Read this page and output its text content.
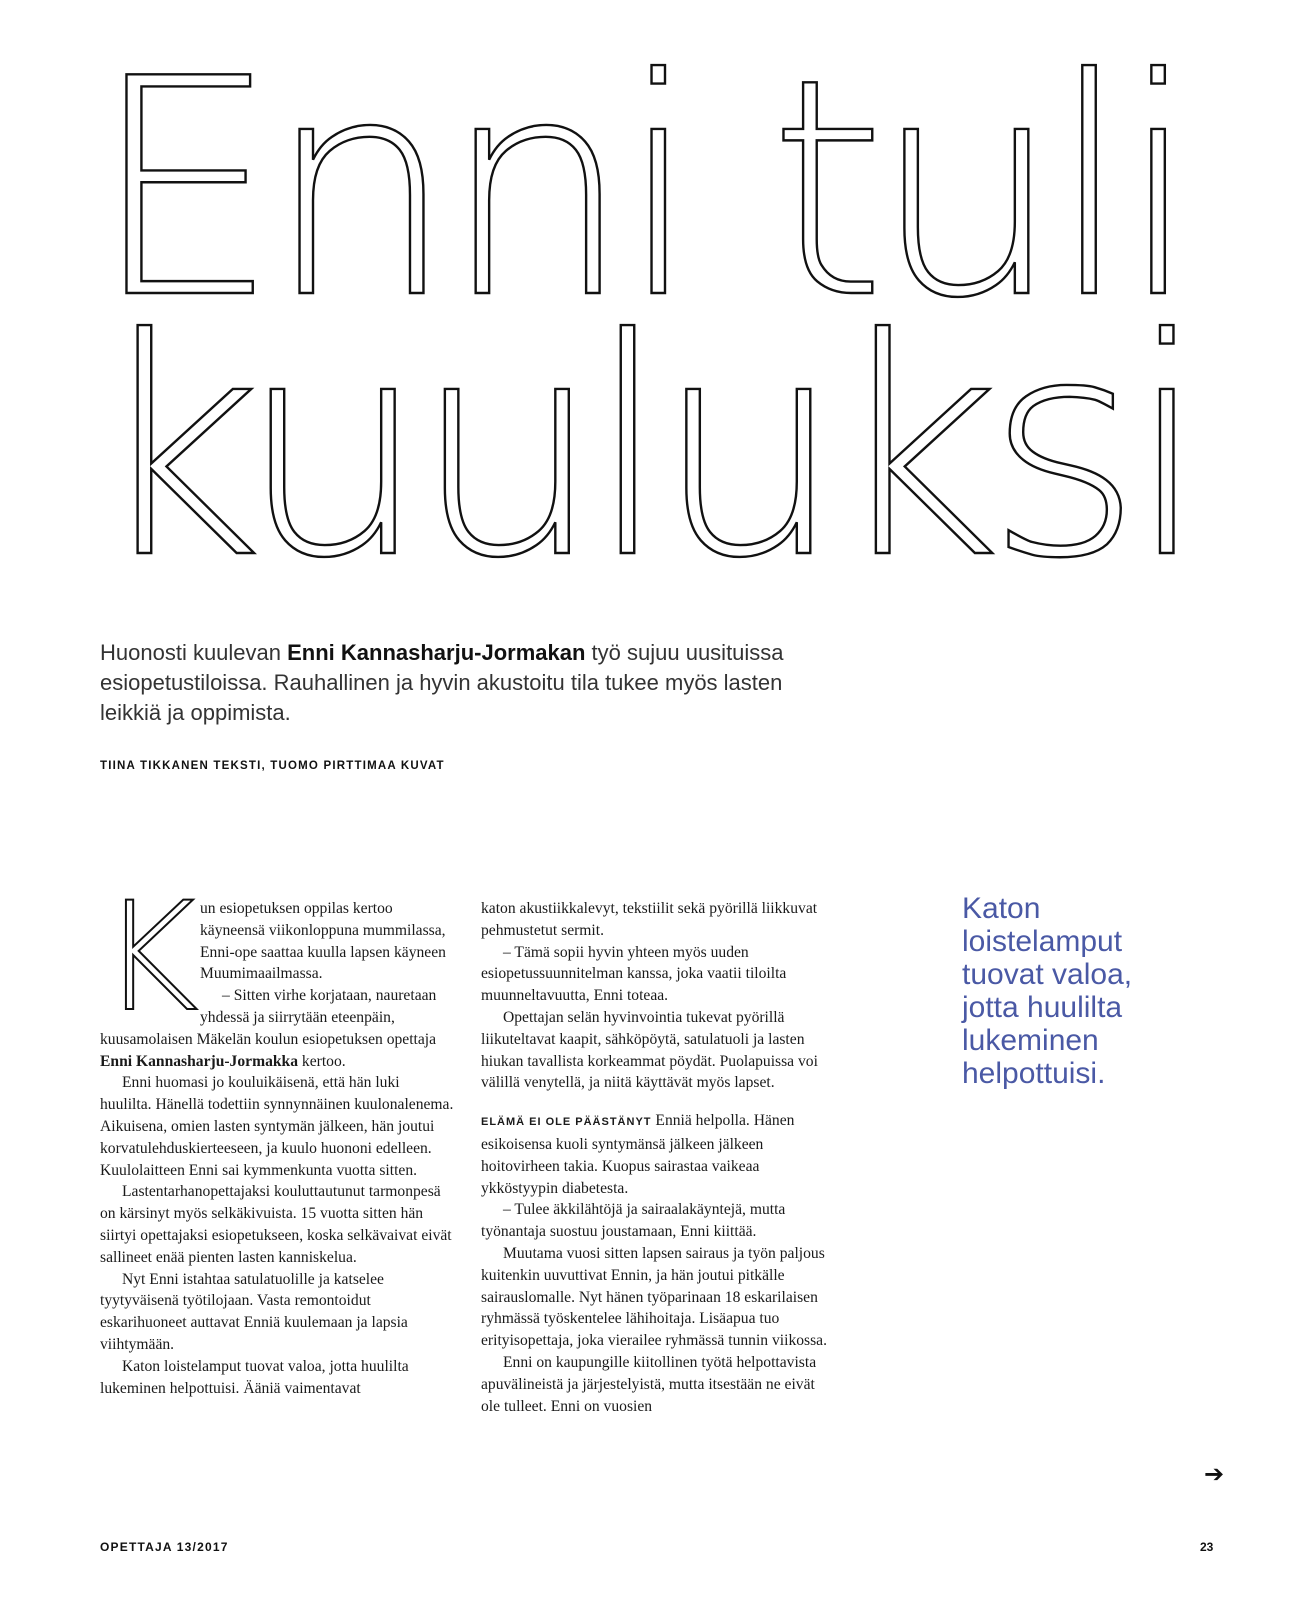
Enni tuli
kuuluksi

Huonosti kuulevan Enni Kannasharju-Jormakan työ sujuu uusituissa esiopetustiloissa. Rauhallinen ja hyvin akustoitu tila tukee myös lasten leikkiä ja oppimista.

TIINA TIKKANEN TEKSTI, TUOMO PIRTTIMAA KUVAT
K un esiopetuksen oppilas kertoo käyneensä viikonloppuna mummilassa, Enni-ope saattaa kuulla lapsen käyneen Muumimaailmassa.

– Sitten virhe korjataan, nauretaan yhdessä ja siirrytään eteenpäin, kuusamolaisen Mäkelän koulun esiopetuksen opettaja Enni Kannasharju-Jormakka kertoo.

Enni huomasi jo kouluikäisenä, että hän luki huulilta. Hänellä todettiin synnynnäinen kuulonalenema. Aikuisena, omien lasten syntymän jälkeen, hän joutui korvatulehduskierteeseen, ja kuulo huononi edelleen. Kuulolaitteen Enni sai kymmenkunta vuotta sitten.

Lastentarhanopettajaksi kouluttautunut tarmonpesä on kärsinyt myös selkäkivuista. 15 vuotta sitten hän siirtyi opettajaksi esiopetukseen, koska selkävaivat eivät sallineet enää pienten lasten kanniskelua.

Nyt Enni istahtaa satulatuolille ja katselee tyytyväisenä työtilojaan. Vasta remontoidut eskarihuoneet auttavat Enniä kuulemaan ja lapsia viihtymään.

Katon loistelamput tuovat valoa, jotta huulilta lukeminen helpottuisi. Ääniä vaimentavat

katon akustiikkalevyt, tekstiilit sekä pyörillä liikkuvat pehmustetut sermit.

– Tämä sopii hyvin yhteen myös uuden esiopetussuunnitelman kanssa, joka vaatii tiloilta muunneltavuutta, Enni toteaa.

Opettajan selän hyvinvointia tukevat pyörillä liikuteltavat kaapit, sähköpöytä, satulatuoli ja lasten hiukan tavallista korkeammat pöydät. Puolapuissa voi välillä venytellä, ja niitä käyttävät myös lapset.

ELÄMÄ EI OLE PÄÄSTÄNYT Enniä helpolla. Hänen esikoisensa kuoli syntymänsä jälkeen jälkeen hoitovirheen takia. Kuopus sairastaa vaikeaa ykköstyypin diabetesta.

– Tulee äkkilähtöjä ja sairaalakäyntejä, mutta työnantaja suostuu joustamaan, Enni kiittää.

Muutama vuosi sitten lapsen sairaus ja työn paljous kuitenkin uuvuttivat Ennin, ja hän joutui pitkälle sairauslomalle. Nyt hänen työparinaan 18 eskarilaisen ryhmässä työskentelee lähihoitaja. Lisäapua tuo erityisopettaja, joka vierailee ryhmässä tunnin viikossa.

Enni on kaupungille kiitollinen työtä helpottavista apuvälineistä ja järjestelyistä, mutta itsestään ne eivät ole tulleet. Enni on vuosien

Katon loistelamput tuovat valoa, jotta huulilta lukeminen helpottuisi.

➔
OPETTAJA 13/2017	23
